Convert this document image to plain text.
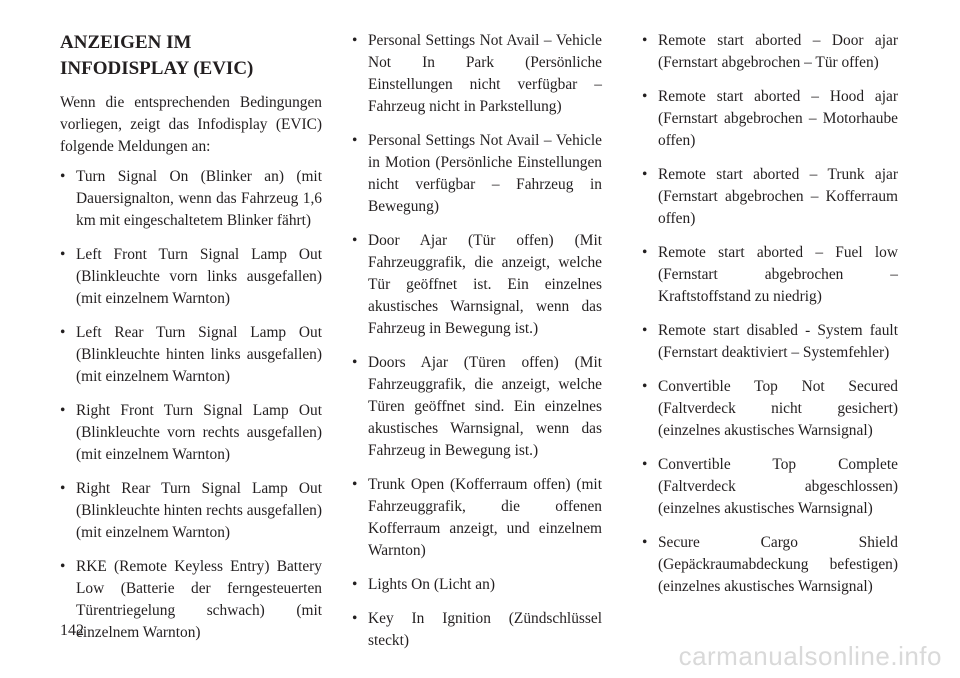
ANZEIGEN IM INFODISPLAY (EVIC)

Wenn die entsprechenden Bedingungen vorliegen, zeigt das Infodisplay (EVIC) folgende Meldungen an:

• Turn Signal On (Blinker an) (mit Dauersignalton, wenn das Fahrzeug 1,6 km mit eingeschaltetem Blinker fährt)
• Left Front Turn Signal Lamp Out (Blinkleuchte vorn links ausgefallen) (mit einzelnem Warnton)
• Left Rear Turn Signal Lamp Out (Blinkleuchte hinten links ausgefallen) (mit einzelnem Warnton)
• Right Front Turn Signal Lamp Out (Blinkleuchte vorn rechts ausgefallen) (mit einzelnem Warnton)
• Right Rear Turn Signal Lamp Out (Blinkleuchte hinten rechts ausgefallen) (mit einzelnem Warnton)
• RKE (Remote Keyless Entry) Battery Low (Batterie der ferngesteuerten Türentriegelung schwach) (mit einzelnem Warnton)
• Personal Settings Not Avail – Vehicle Not In Park (Persönliche Einstellungen nicht verfügbar – Fahrzeug nicht in Parkstellung)
• Personal Settings Not Avail – Vehicle in Motion (Persönliche Einstellungen nicht verfügbar – Fahrzeug in Bewegung)
• Door Ajar (Tür offen) (Mit Fahrzeuggrafik, die anzeigt, welche Tür geöffnet ist. Ein einzelnes akustisches Warnsignal, wenn das Fahrzeug in Bewegung ist.)
• Doors Ajar (Türen offen) (Mit Fahrzeuggrafik, die anzeigt, welche Türen geöffnet sind. Ein einzelnes akustisches Warnsignal, wenn das Fahrzeug in Bewegung ist.)
• Trunk Open (Kofferraum offen) (mit Fahrzeuggrafik, die offenen Kofferraum anzeigt, und einzelnem Warnton)
• Lights On (Licht an)
• Key In Ignition (Zündschlüssel steckt)
• Remote start aborted – Door ajar (Fernstart abgebrochen – Tür offen)
• Remote start aborted – Hood ajar (Fernstart abgebrochen – Motorhaube offen)
• Remote start aborted – Trunk ajar (Fernstart abgebrochen – Kofferraum offen)
• Remote start aborted – Fuel low (Fernstart abgebrochen – Kraftstoffstand zu niedrig)
• Remote start disabled - System fault (Fernstart deaktiviert – Systemfehler)
• Convertible Top Not Secured (Faltverdeck nicht gesichert) (einzelnes akustisches Warnsignal)
• Convertible Top Complete (Faltverdeck abgeschlossen) (einzelnes akustisches Warnsignal)
• Secure Cargo Shield (Gepäckraumabdeckung befestigen) (einzelnes akustisches Warnsignal)
142
carmanualsonline.info
